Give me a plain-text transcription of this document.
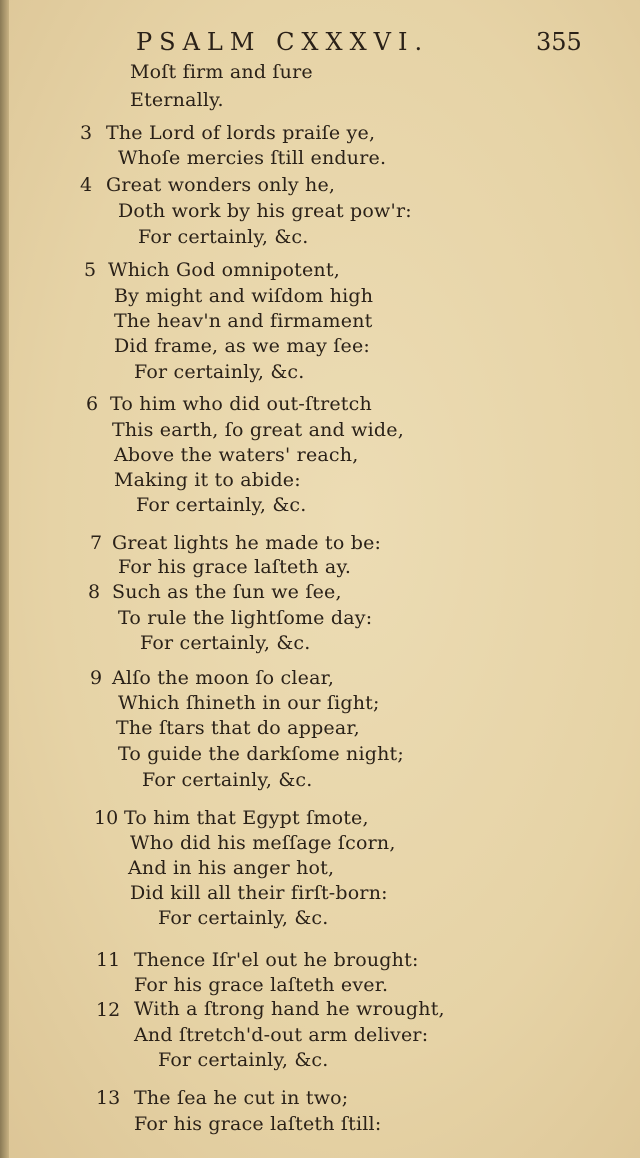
PSALM CXXXVI.	355
Moſt firm and ſure
Eternally.
3 The Lord of lords praiſe ye,
Whoſe mercies ſtill endure.
4 Great wonders only he,
Doth work by his great pow'r:
For certainly, &c.
5 Which God omnipotent,
By might and wiſdom high
The heav'n and firmament
Did frame, as we may ſee:
For certainly, &c.
6 To him who did out-ſtretch
This earth, ſo great and wide,
Above the waters' reach,
Making it to abide:
For certainly, &c.
7 Great lights he made to be:
For his grace laſteth ay.
8 Such as the ſun we ſee,
To rule the lightſome day:
For certainly, &c.
9 Alſo the moon ſo clear,
Which ſhineth in our ſight;
The ſtars that do appear,
To guide the darkſome night;
For certainly, &c.
10 To him that Egypt ſmote,
Who did his meſſage ſcorn,
And in his anger hot,
Did kill all their firſt-born:
For certainly, &c.
11 Thence Iſr'el out he brought:
For his grace laſteth ever.
12 With a ſtrong hand he wrought,
And ſtretch'd-out arm deliver:
For certainly, &c.
13 The ſea he cut in two;
For his grace laſteth ſtill:
